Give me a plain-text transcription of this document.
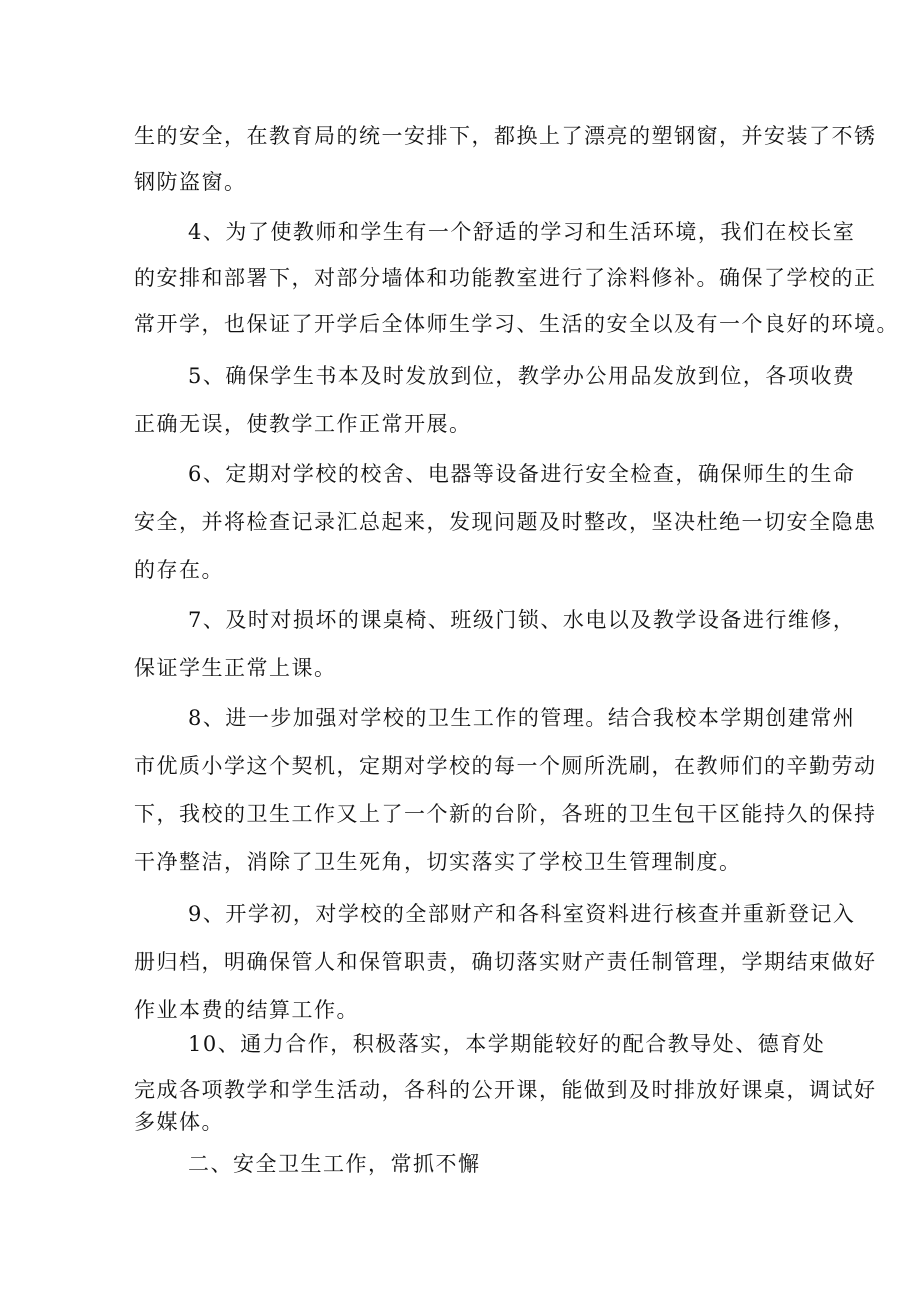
生的安全，在教育局的统一安排下，都换上了漂亮的塑钢窗，并安装了不锈
钢防盗窗。
4、为了使教师和学生有一个舒适的学习和生活环境，我们在校长室
的安排和部署下，对部分墙体和功能教室进行了涂料修补。确保了学校的正
常开学，也保证了开学后全体师生学习、生活的安全以及有一个良好的环境。
5、确保学生书本及时发放到位，教学办公用品发放到位，各项收费
正确无误，使教学工作正常开展。
6、定期对学校的校舍、电器等设备进行安全检查，确保师生的生命
安全，并将检查记录汇总起来，发现问题及时整改，坚决杜绝一切安全隐患
的存在。
7、及时对损坏的课桌椅、班级门锁、水电以及教学设备进行维修，
保证学生正常上课。
8、进一步加强对学校的卫生工作的管理。结合我校本学期创建常州
市优质小学这个契机，定期对学校的每一个厕所洗刷，在教师们的辛勤劳动
下，我校的卫生工作又上了一个新的台阶，各班的卫生包干区能持久的保持
干净整洁，消除了卫生死角，切实落实了学校卫生管理制度。
9、开学初，对学校的全部财产和各科室资料进行核查并重新登记入
册归档，明确保管人和保管职责，确切落实财产责任制管理，学期结束做好
作业本费的结算工作。
10、通力合作，积极落实，本学期能较好的配合教导处、德育处
完成各项教学和学生活动，各科的公开课，能做到及时排放好课桌，调试好
多媒体。
二、安全卫生工作，常抓不懈
